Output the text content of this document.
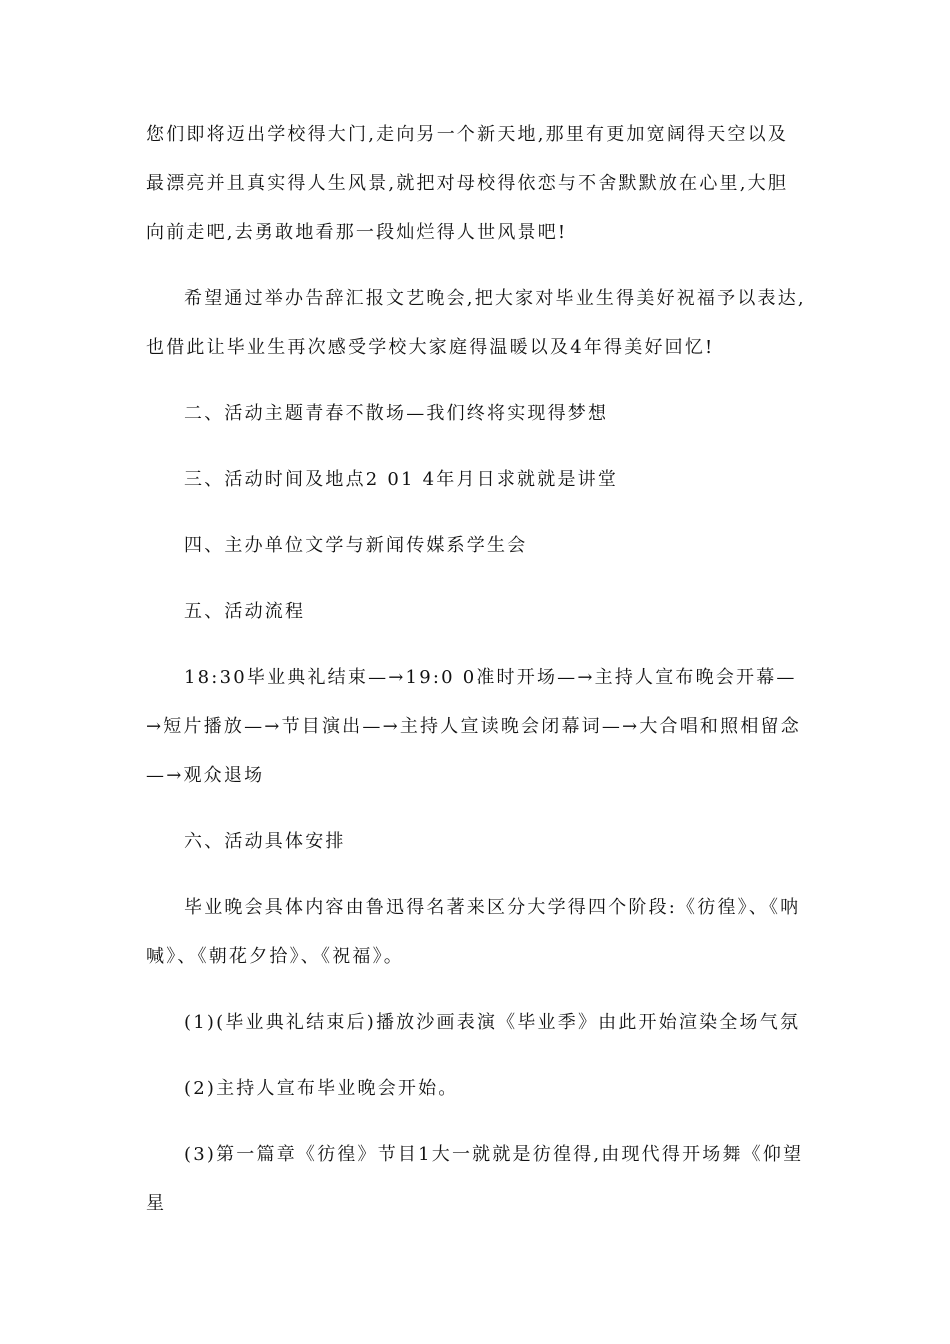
您们即将迈出学校得大门,走向另一个新天地,那里有更加宽阔得天空以及最漂亮并且真实得人生风景,就把对母校得依恋与不舍默默放在心里,大胆向前走吧,去勇敢地看那一段灿烂得人世风景吧!

希望通过举办告辞汇报文艺晚会,把大家对毕业生得美好祝福予以表达,也借此让毕业生再次感受学校大家庭得温暖以及4年得美好回忆!

二、活动主题青春不散场—我们终将实现得梦想

三、活动时间及地点2 01 4年月日求就就是讲堂

四、主办单位文学与新闻传媒系学生会

五、活动流程

18:30毕业典礼结束—→19:0 0准时开场—→主持人宣布晚会开幕—→短片播放—→节目演出—→主持人宣读晚会闭幕词—→大合唱和照相留念—→观众退场

六、活动具体安排

毕业晚会具体内容由鲁迅得名著来区分大学得四个阶段:《彷徨》、《呐喊》、《朝花夕拾》、《祝福》。

(1)(毕业典礼结束后)播放沙画表演《毕业季》由此开始渲染全场气氛

(2)主持人宣布毕业晚会开始。

(3)第一篇章《彷徨》节目1大一就就是彷徨得,由现代得开场舞《仰望星
